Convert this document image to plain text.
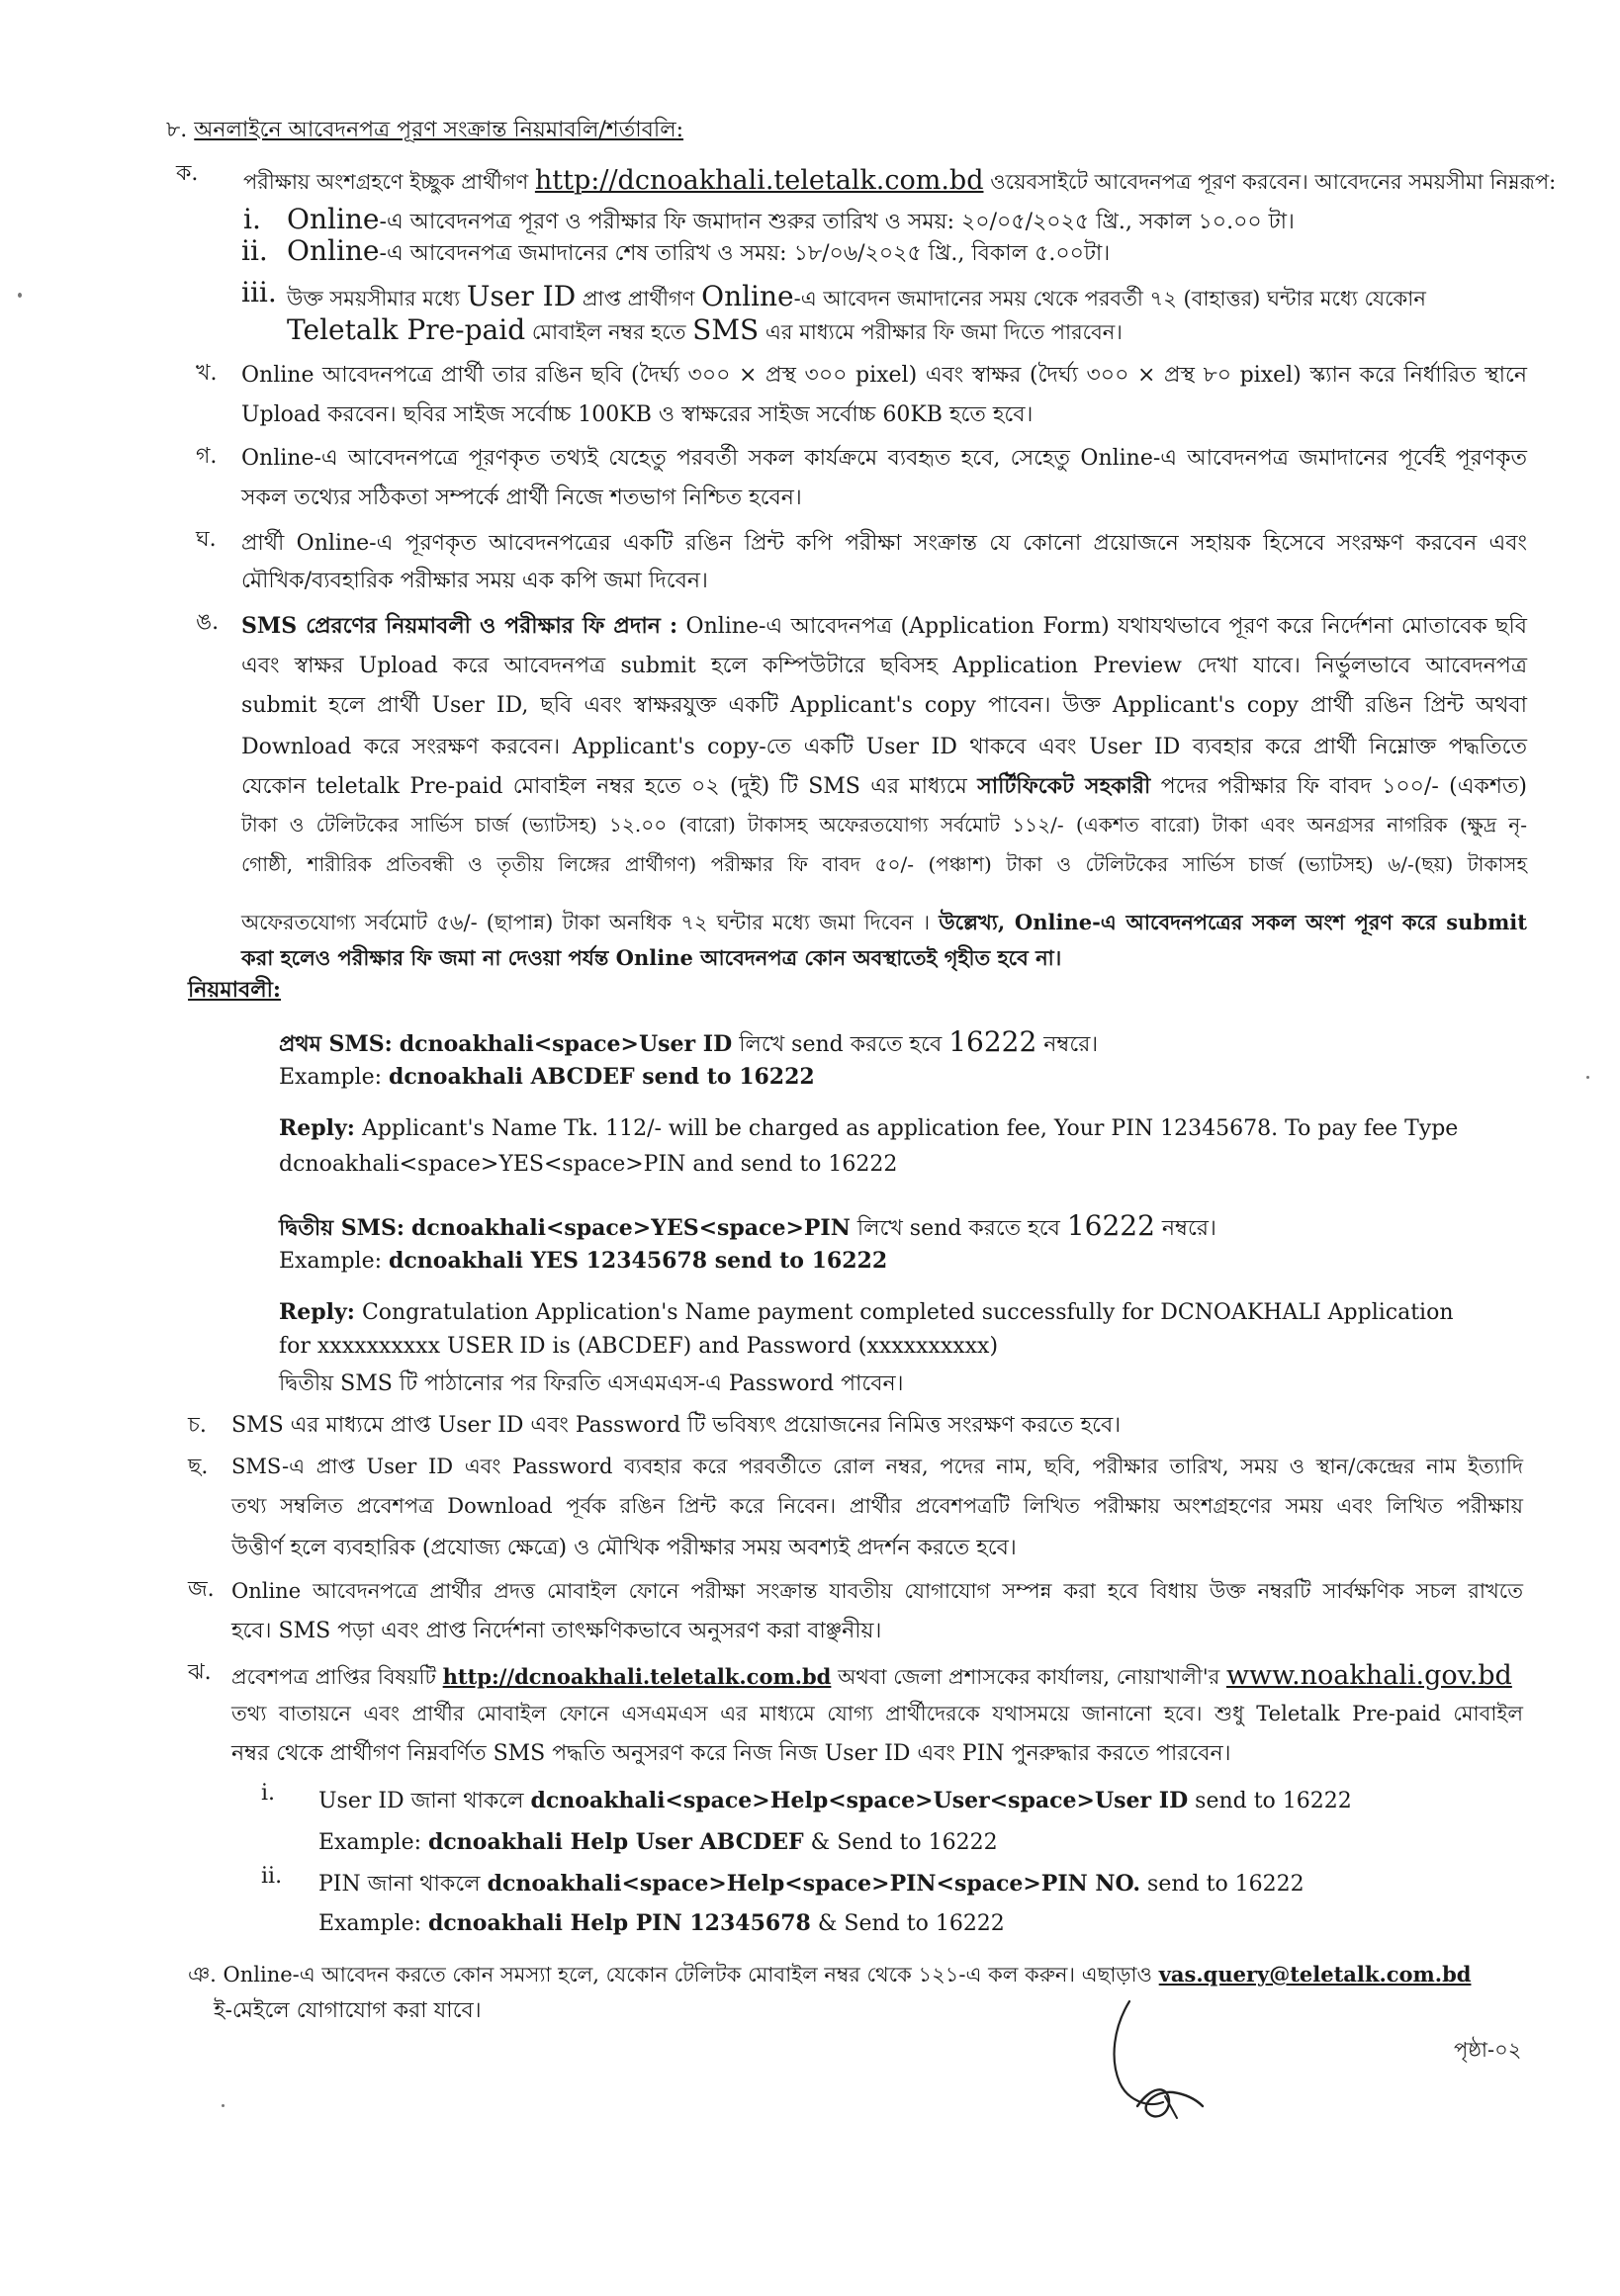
৮. অনলাইনে আবেদনপত্র পূরণ সংক্রান্ত নিয়মাবলি/শর্তাবলি:
ক. পরীক্ষায় অংশগ্রহণে ইচ্ছুক প্রার্থীগণ http://dcnoakhali.teletalk.com.bd ওয়েবসাইটে আবেদনপত্র পূরণ করবেন। আবেদনের সময়সীমা নিম্নরূপ:
i. Online-এ আবেদনপত্র পূরণ ও পরীক্ষার ফি জমাদান শুরুর তারিখ ও সময়: ২০/০৫/২০২৫ খ্রি., সকাল ১০.০০ টা।
ii. Online-এ আবেদনপত্র জমাদানের শেষ তারিখ ও সময়: ১৮/০৬/২০২৫ খ্রি., বিকাল ৫.০০টা।
iii. উক্ত সময়সীমার মধ্যে User ID প্রাপ্ত প্রার্থীগণ Online-এ আবেদন জমাদানের সময় থেকে পরবর্তী ৭২ (বাহাত্তর) ঘন্টার মধ্যে যেকোন
Teletalk Pre-paid মোবাইল নম্বর হতে SMS এর মাধ্যমে পরীক্ষার ফি জমা দিতে পারবেন।
খ. Online আবেদনপত্রে প্রার্থী তার রঙিন ছবি (দৈর্ঘ্য ৩০০ × প্রস্থ ৩০০ pixel) এবং স্বাক্ষর (দৈর্ঘ্য ৩০০ × প্রস্থ ৮০ pixel) স্ক্যান করে নির্ধারিত স্থানে
Upload করবেন। ছবির সাইজ সর্বোচ্চ 100KB ও স্বাক্ষরের সাইজ সর্বোচ্চ 60KB হতে হবে।
গ. Online-এ আবেদনপত্রে পূরণকৃত তথ্যই যেহেতু পরবর্তী সকল কার্যক্রমে ব্যবহৃত হবে, সেহেতু Online-এ আবেদনপত্র জমাদানের পূর্বেই পূরণকৃত
সকল তথ্যের সঠিকতা সম্পর্কে প্রার্থী নিজে শতভাগ নিশ্চিত হবেন।
ঘ. প্রার্থী Online-এ পূরণকৃত আবেদনপত্রের একটি রঙিন প্রিন্ট কপি পরীক্ষা সংক্রান্ত যে কোনো প্রয়োজনে সহায়ক হিসেবে সংরক্ষণ করবেন এবং
মৌখিক/ব্যবহারিক পরীক্ষার সময় এক কপি জমা দিবেন।
ঙ. SMS প্রেরণের নিয়মাবলী ও পরীক্ষার ফি প্রদান : Online-এ আবেদনপত্র (Application Form) যথাযথভাবে পূরণ করে নির্দেশনা মোতাবেক ছবি
এবং স্বাক্ষর Upload করে আবেদনপত্র submit হলে কম্পিউটারে ছবিসহ Application Preview দেখা যাবে। নির্ভুলভাবে আবেদনপত্র
submit হলে প্রার্থী User ID, ছবি এবং স্বাক্ষরযুক্ত একটি Applicant's copy পাবেন। উক্ত Applicant's copy প্রার্থী রঙিন প্রিন্ট অথবা
Download করে সংরক্ষণ করবেন। Applicant's copy-তে একটি User ID থাকবে এবং User ID ব্যবহার করে প্রার্থী নিম্নোক্ত পদ্ধতিতে
যেকোন teletalk Pre-paid মোবাইল নম্বর হতে ০২ (দুই) টি SMS এর মাধ্যমে সার্টিফিকেট সহকারী পদের পরীক্ষার ফি বাবদ ১০০/- (একশত)
টাকা ও টেলিটকের সার্ভিস চার্জ (ভ্যাটসহ) ১২.০০ (বারো) টাকাসহ অফেরতযোগ্য সর্বমোট ১১২/- (একশত বারো) টাকা এবং অনগ্রসর নাগরিক (ক্ষুদ্র নৃ-
গোষ্ঠী, শারীরিক প্রতিবন্ধী ও তৃতীয় লিঙ্গের প্রার্থীগণ) পরীক্ষার ফি বাবদ ৫০/- (পঞ্চাশ) টাকা ও টেলিটকের সার্ভিস চার্জ (ভ্যাটসহ) ৬/-(ছয়) টাকাসহ
অফেরতযোগ্য সর্বমোট ৫৬/- (ছাপান্ন) টাকা অনধিক ৭২ ঘন্টার মধ্যে জমা দিবেন । উল্লেখ্য, Online-এ আবেদনপত্রের সকল অংশ পূরণ করে submit
করা হলেও পরীক্ষার ফি জমা না দেওয়া পর্যন্ত Online আবেদনপত্র কোন অবস্থাতেই গৃহীত হবে না।
নিয়মাবলী:
প্রথম SMS: dcnoakhali<space>User ID লিখে send করতে হবে 16222 নম্বরে।
Example: dcnoakhali ABCDEF send to 16222
Reply: Applicant's Name Tk. 112/- will be charged as application fee, Your PIN 12345678. To pay fee Type
dcnoakhali<space>YES<space>PIN and send to 16222
দ্বিতীয় SMS: dcnoakhali<space>YES<space>PIN লিখে send করতে হবে 16222 নম্বরে।
Example: dcnoakhali YES 12345678 send to 16222
Reply: Congratulation Application's Name payment completed successfully for DCNOAKHALI Application
for xxxxxxxxxx USER ID is (ABCDEF) and Password (xxxxxxxxxx)
দ্বিতীয় SMS টি পাঠানোর পর ফিরতি এসএমএস-এ Password পাবেন।
চ. SMS এর মাধ্যমে প্রাপ্ত User ID এবং Password টি ভবিষ্যৎ প্রয়োজনের নিমিত্ত সংরক্ষণ করতে হবে।
ছ. SMS-এ প্রাপ্ত User ID এবং Password ব্যবহার করে পরবর্তীতে রোল নম্বর, পদের নাম, ছবি, পরীক্ষার তারিখ, সময় ও স্থান/কেন্দ্রের নাম ইত্যাদি
তথ্য সম্বলিত প্রবেশপত্র Download পূর্বক রঙিন প্রিন্ট করে নিবেন। প্রার্থীর প্রবেশপত্রটি লিখিত পরীক্ষায় অংশগ্রহণের সময় এবং লিখিত পরীক্ষায়
উত্তীর্ণ হলে ব্যবহারিক (প্রযোজ্য ক্ষেত্রে) ও মৌখিক পরীক্ষার সময় অবশ্যই প্রদর্শন করতে হবে।
জ. Online আবেদনপত্রে প্রার্থীর প্রদত্ত মোবাইল ফোনে পরীক্ষা সংক্রান্ত যাবতীয় যোগাযোগ সম্পন্ন করা হবে বিধায় উক্ত নম্বরটি সার্বক্ষণিক সচল রাখতে
হবে। SMS পড়া এবং প্রাপ্ত নির্দেশনা তাৎক্ষণিকভাবে অনুসরণ করা বাঞ্ছনীয়।
ঝ. প্রবেশপত্র প্রাপ্তির বিষয়টি http://dcnoakhali.teletalk.com.bd অথবা জেলা প্রশাসকের কার্যালয়, নোয়াখালী'র www.noakhali.gov.bd
তথ্য বাতায়নে এবং প্রার্থীর মোবাইল ফোনে এসএমএস এর মাধ্যমে যোগ্য প্রার্থীদেরকে যথাসময়ে জানানো হবে। শুধু Teletalk Pre-paid মোবাইল
নম্বর থেকে প্রার্থীগণ নিম্নবর্ণিত SMS পদ্ধতি অনুসরণ করে নিজ নিজ User ID এবং PIN পুনরুদ্ধার করতে পারবেন।
i. User ID জানা থাকলে dcnoakhali<space>Help<space>User<space>User ID send to 16222
Example: dcnoakhali Help User ABCDEF & Send to 16222
ii. PIN জানা থাকলে dcnoakhali<space>Help<space>PIN<space>PIN NO. send to 16222
Example: dcnoakhali Help PIN 12345678 & Send to 16222
ঞ. Online-এ আবেদন করতে কোন সমস্যা হলে, যেকোন টেলিটক মোবাইল নম্বর থেকে ১২১-এ কল করুন। এছাড়াও vas.query@teletalk.com.bd
ই-মেইলে যোগাযোগ করা যাবে।
পৃষ্ঠা-০২
